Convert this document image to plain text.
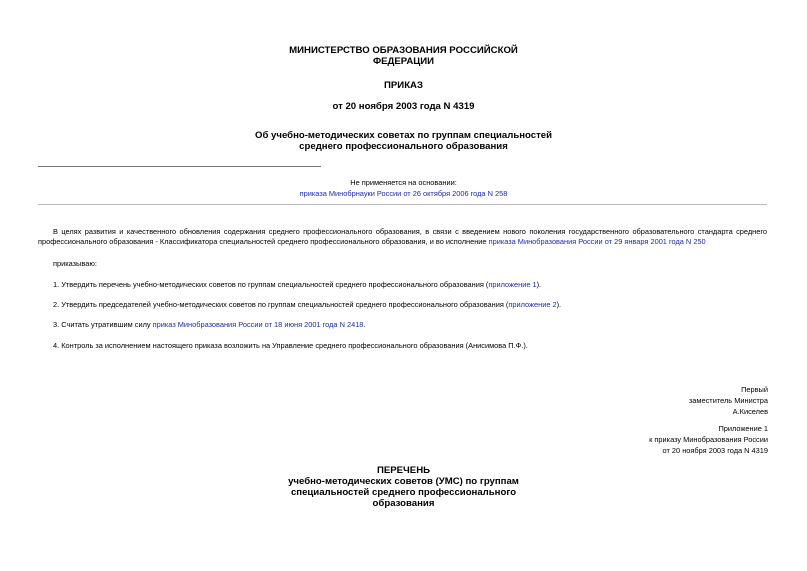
МИНИСТЕРСТВО ОБРАЗОВАНИЯ РОССИЙСКОЙ
ФЕДЕРАЦИИ
ПРИКАЗ
от 20 ноября 2003 года N 4319
Об учебно-методических советах по группам специальностей
среднего профессионального образования
Не применяется на основании:
приказа Минобрнауки России от 26 октября 2006 года N 258
В целях развития и качественного обновления содержания среднего профессионального образования, в связи с введением нового поколения государственного образовательного стандарта среднего профессионального образования - Классификатора специальностей среднего профессионального образования, и во исполнение приказа Минобразования России от 29 января 2001 года N 250
приказываю:
1. Утвердить перечень учебно-методических советов по группам специальностей среднего профессионального образования (приложение 1).
2. Утвердить председателей учебно-методических советов по группам специальностей среднего профессионального образования (приложение 2).
3. Считать утратившим силу приказ Минобразования России от 18 июня 2001 года N 2418.
4. Контроль за исполнением настоящего приказа возложить на Управление среднего профессионального образования (Анисимова П.Ф.).
Первый
заместитель Министра
А.Киселев
Приложение 1
к приказу Минобразования России
от 20 ноября 2003 года N 4319
ПЕРЕЧЕНЬ
учебно-методических советов (УМС) по группам
специальностей среднего профессионального
образования
